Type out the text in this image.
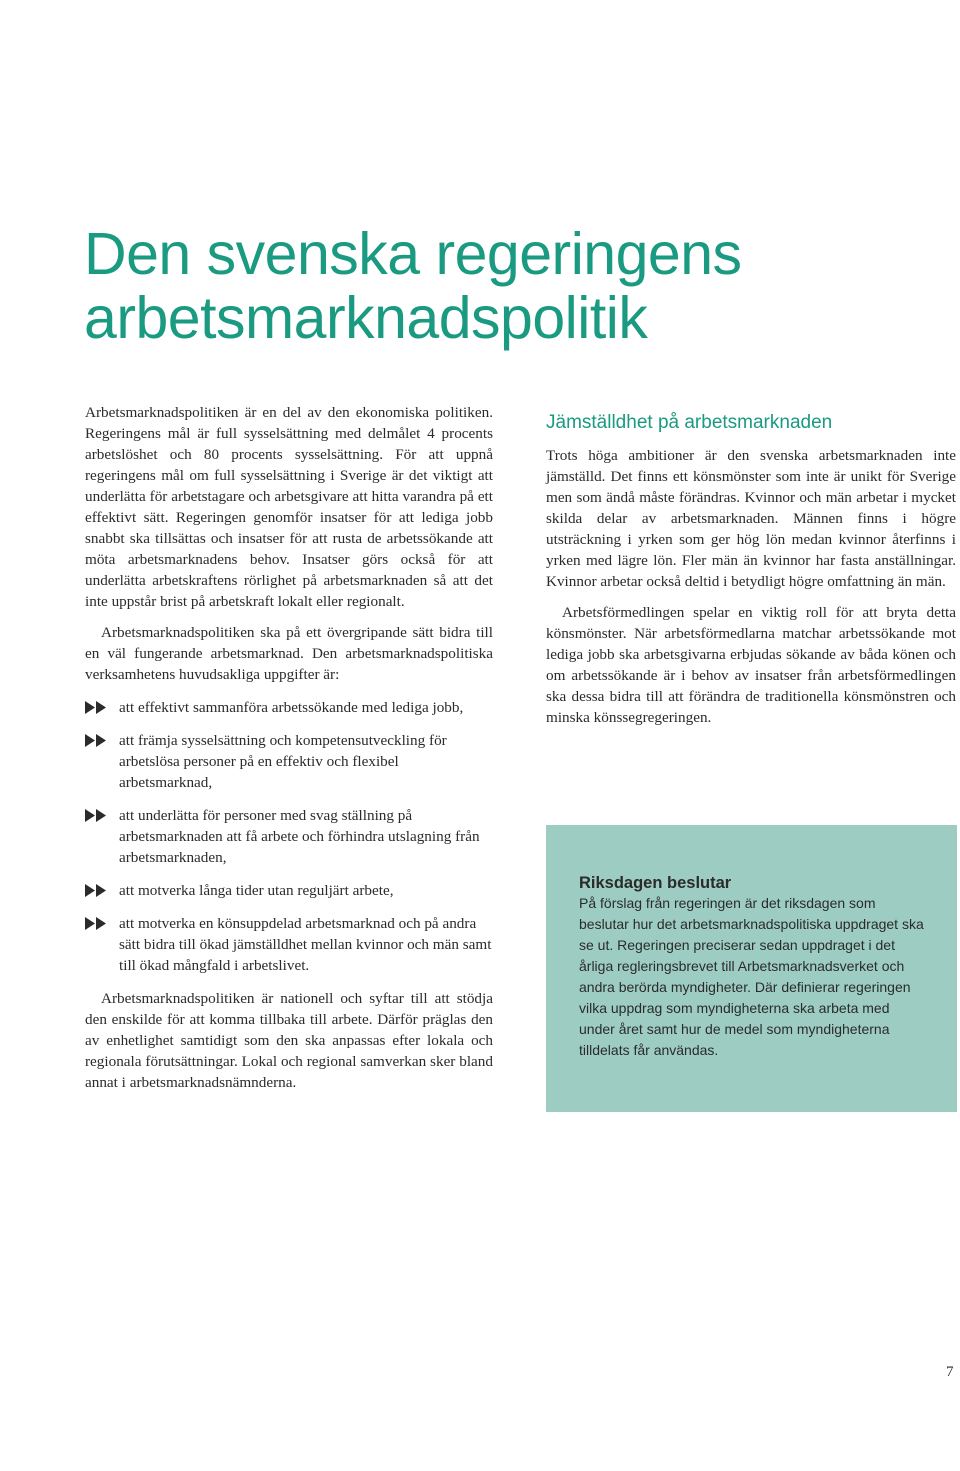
Den svenska regeringens arbetsmarknadspolitik

Arbetsmarknadspolitiken är en del av den ekonomiska politiken. Regeringens mål är full sysselsättning med delmålet 4 procents arbetslöshet och 80 procents sysselsättning. För att uppnå regeringens mål om full sysselsättning i Sverige är det viktigt att underlätta för arbetstagare och arbetsgivare att hitta varandra på ett effektivt sätt. Regeringen genomför insatser för att lediga jobb snabbt ska tillsättas och insatser för att rusta de arbetssökande att möta arbetsmarknadens behov. Insatser görs också för att underlätta arbetskraftens rörlighet på arbetsmarknaden så att det inte uppstår brist på arbetskraft lokalt eller regionalt.

Arbetsmarknadspolitiken ska på ett övergripande sätt bidra till en väl fungerande arbetsmarknad. Den arbetsmarknadspolitiska verksamhetens huvudsakliga uppgifter är:

att effektivt sammanföra arbetssökande med lediga jobb,
att främja sysselsättning och kompetensutveckling för arbetslösa personer på en effektiv och flexibel arbetsmarknad,
att underlätta för personer med svag ställning på arbetsmarknaden att få arbete och förhindra utslagning från arbetsmarknaden,
att motverka långa tider utan reguljärt arbete,
att motverka en könsuppdelad arbetsmarknad och på andra sätt bidra till ökad jämställdhet mellan kvinnor och män samt till ökad mångfald i arbetslivet.

Arbetsmarknadspolitiken är nationell och syftar till att stödja den enskilde för att komma tillbaka till arbete. Därför präglas den av enhetlighet samtidigt som den ska anpassas efter lokala och regionala förutsättningar. Lokal och regional samverkan sker bland annat i arbetsmarknadsnämnderna.

Jämställdhet på arbetsmarknaden

Trots höga ambitioner är den svenska arbetsmarknaden inte jämställd. Det finns ett könsmönster som inte är unikt för Sverige men som ändå måste förändras. Kvinnor och män arbetar i mycket skilda delar av arbetsmarknaden. Männen finns i högre utsträckning i yrken som ger hög lön medan kvinnor återfinns i yrken med lägre lön. Fler män än kvinnor har fasta anställningar. Kvinnor arbetar också deltid i betydligt högre omfattning än män.

Arbetsförmedlingen spelar en viktig roll för att bryta detta könsmönster. När arbetsförmedlarna matchar arbetssökande mot lediga jobb ska arbetsgivarna erbjudas sökande av båda könen och om arbetssökande är i behov av insatser från arbetsförmedlingen ska dessa bidra till att förändra de traditionella könsmönstren och minska könssegregeringen.

Riksdagen beslutar

På förslag från regeringen är det riksdagen som beslutar hur det arbetsmarknadspolitiska uppdraget ska se ut. Regeringen preciserar sedan uppdraget i det årliga regleringsbrevet till Arbetsmarknadsverket och andra berörda myndigheter. Där definierar regeringen vilka uppdrag som myndigheterna ska arbeta med under året samt hur de medel som myndigheterna tilldelats får användas.

7
